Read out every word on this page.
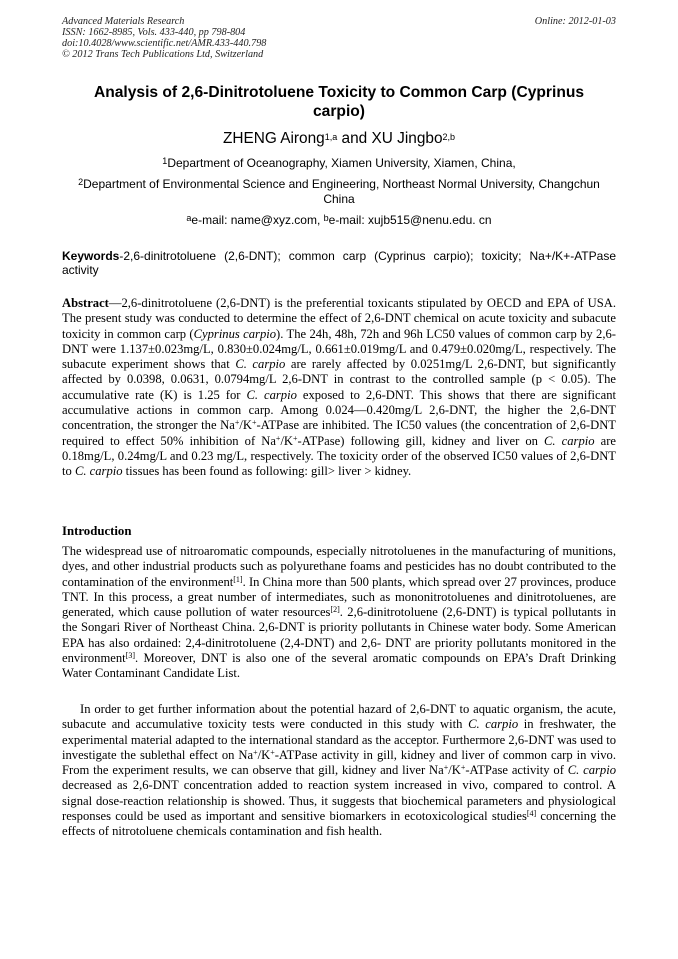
Advanced Materials Research
ISSN: 1662-8985, Vols. 433-440, pp 798-804
doi:10.4028/www.scientific.net/AMR.433-440.798
© 2012 Trans Tech Publications Ltd, Switzerland
Online: 2012-01-03
Analysis of 2,6-Dinitrotoluene Toxicity to Common Carp (Cyprinus carpio)
ZHENG Airong$^{1,a}$ and XU Jingbo$^{2,b}$
$^1$Department of Oceanography, Xiamen University, Xiamen, China,
$^2$Department of Environmental Science and Engineering, Northeast Normal University, Changchun China
$^a$e-mail: name@xyz.com, $^b$e-mail: xujb515@nenu.edu. cn
Keywords-2,6-dinitrotoluene (2,6-DNT); common carp (Cyprinus carpio); toxicity; Na+/K+-ATPase activity
Abstract—2,6-dinitrotoluene (2,6-DNT) is the preferential toxicants stipulated by OECD and EPA of USA. The present study was conducted to determine the effect of 2,6-DNT chemical on acute toxicity and subacute toxicity in common carp (Cyprinus carpio). The 24h, 48h, 72h and 96h LC50 values of common carp by 2,6-DNT were 1.137±0.023mg/L, 0.830±0.024mg/L, 0.661±0.019mg/L and 0.479±0.020mg/L, respectively. The subacute experiment shows that C. carpio are rarely affected by 0.0251mg/L 2,6-DNT, but significantly affected by 0.0398, 0.0631, 0.0794mg/L 2,6-DNT in contrast to the controlled sample (p < 0.05). The accumulative rate (K) is 1.25 for C. carpio exposed to 2,6-DNT. This shows that there are significant accumulative actions in common carp. Among 0.024—0.420mg/L 2,6-DNT, the higher the 2,6-DNT concentration, the stronger the Na+/K+-ATPase are inhibited. The IC50 values (the concentration of 2,6-DNT required to effect 50% inhibition of Na+/K+-ATPase) following gill, kidney and liver on C. carpio are 0.18mg/L, 0.24mg/L and 0.23 mg/L, respectively. The toxicity order of the observed IC50 values of 2,6-DNT to C. carpio tissues has been found as following: gill> liver > kidney.
Introduction
The widespread use of nitroaromatic compounds, especially nitrotoluenes in the manufacturing of munitions, dyes, and other industrial products such as polyurethane foams and pesticides has no doubt contributed to the contamination of the environment[1]. In China more than 500 plants, which spread over 27 provinces, produce TNT. In this process, a great number of intermediates, such as mononitrotoluenes and dinitrotoluenes, are generated, which cause pollution of water resources[2]. 2,6-dinitrotoluene (2,6-DNT) is typical pollutants in the Songari River of Northeast China. 2,6-DNT is priority pollutants in Chinese water body. Some American EPA has also ordained: 2,4-dinitrotoluene (2,4-DNT) and 2,6- DNT are priority pollutants monitored in the environment[3]. Moreover, DNT is also one of the several aromatic compounds on EPA’s Draft Drinking Water Contaminant Candidate List.
In order to get further information about the potential hazard of 2,6-DNT to aquatic organism, the acute, subacute and accumulative toxicity tests were conducted in this study with C. carpio in freshwater, the experimental material adapted to the international standard as the acceptor. Furthermore 2,6-DNT was used to investigate the sublethal effect on Na+/K+-ATPase activity in gill, kidney and liver of common carp in vivo. From the experiment results, we can observe that gill, kidney and liver Na+/K+-ATPase activity of C. carpio decreased as 2,6-DNT concentration added to reaction system increased in vivo, compared to control. A signal dose-reaction relationship is showed. Thus, it suggests that biochemical parameters and physiological responses could be used as important and sensitive biomarkers in ecotoxicological studies[4] concerning the effects of nitrotoluene chemicals contamination and fish health.
